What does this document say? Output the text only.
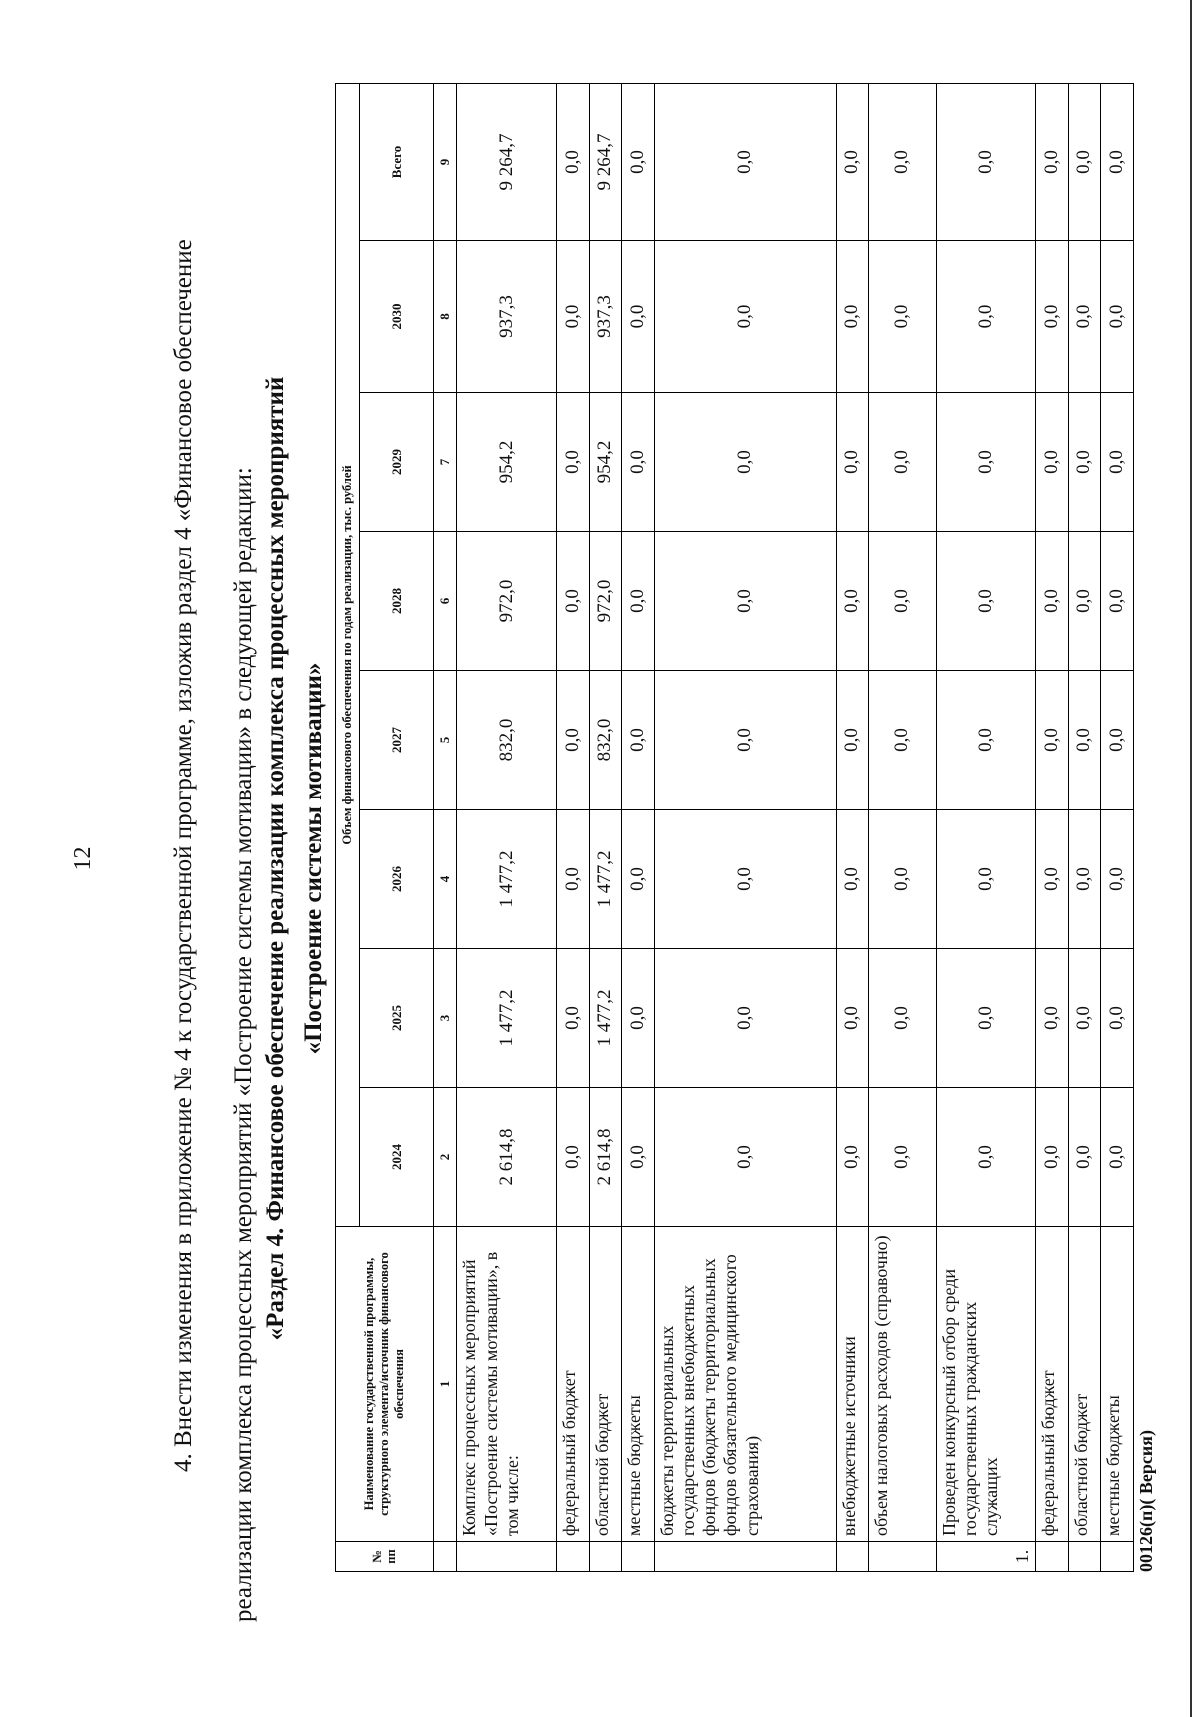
12	4. Внести изменения в приложение № 4 к государственной программе, изложив раздел 4 «Финансовое обеспечение реализации комплекса процессных мероприятий «Построение системы мотивации» в следующей редакции: «Раздел 4. Финансовое обеспечение реализации комплекса процессных мероприятий «Построение системы мотивации»
№ пп	Наименование государственной программы, структурного элемента/источник финансового обеспечения	Объем финансового обеспечения по годам реализации, тыс. рублей							
		2024	2025	2026	2027	2028	2029	2030	Всего
	1	2	3	4	5	6	7	8	9
	Комплекс процессных мероприятий «Построение системы мотивации», в том числе:	2 614,8	1 477,2	1 477,2	832,0	972,0	954,2	937,3	9 264,7
	федеральный бюджет	0,0	0,0	0,0	0,0	0,0	0,0	0,0	0,0
	областной бюджет	2 614,8	1 477,2	1 477,2	832,0	972,0	954,2	937,3	9 264,7
	местные бюджеты	0,0	0,0	0,0	0,0	0,0	0,0	0,0	0,0
	бюджеты территориальных государственных внебюджетных фондов (бюджеты территориальных фондов обязательного медицинского страхования)	0,0	0,0	0,0	0,0	0,0	0,0	0,0	0,0
	внебюджетные источники	0,0	0,0	0,0	0,0	0,0	0,0	0,0	0,0
	объем налоговых расходов (справочно)	0,0	0,0	0,0	0,0	0,0	0,0	0,0	0,0
1.	Проведен конкурсный отбор среди государственных гражданских служащих	0,0	0,0	0,0	0,0	0,0	0,0	0,0	0,0
	федеральный бюджет	0,0	0,0	0,0	0,0	0,0	0,0	0,0	0,0
	областной бюджет	0,0	0,0	0,0	0,0	0,0	0,0	0,0	0,0
	местные бюджеты	0,0	0,0	0,0	0,0	0,0	0,0	0,0	0,0
00126(п)( Версия)
